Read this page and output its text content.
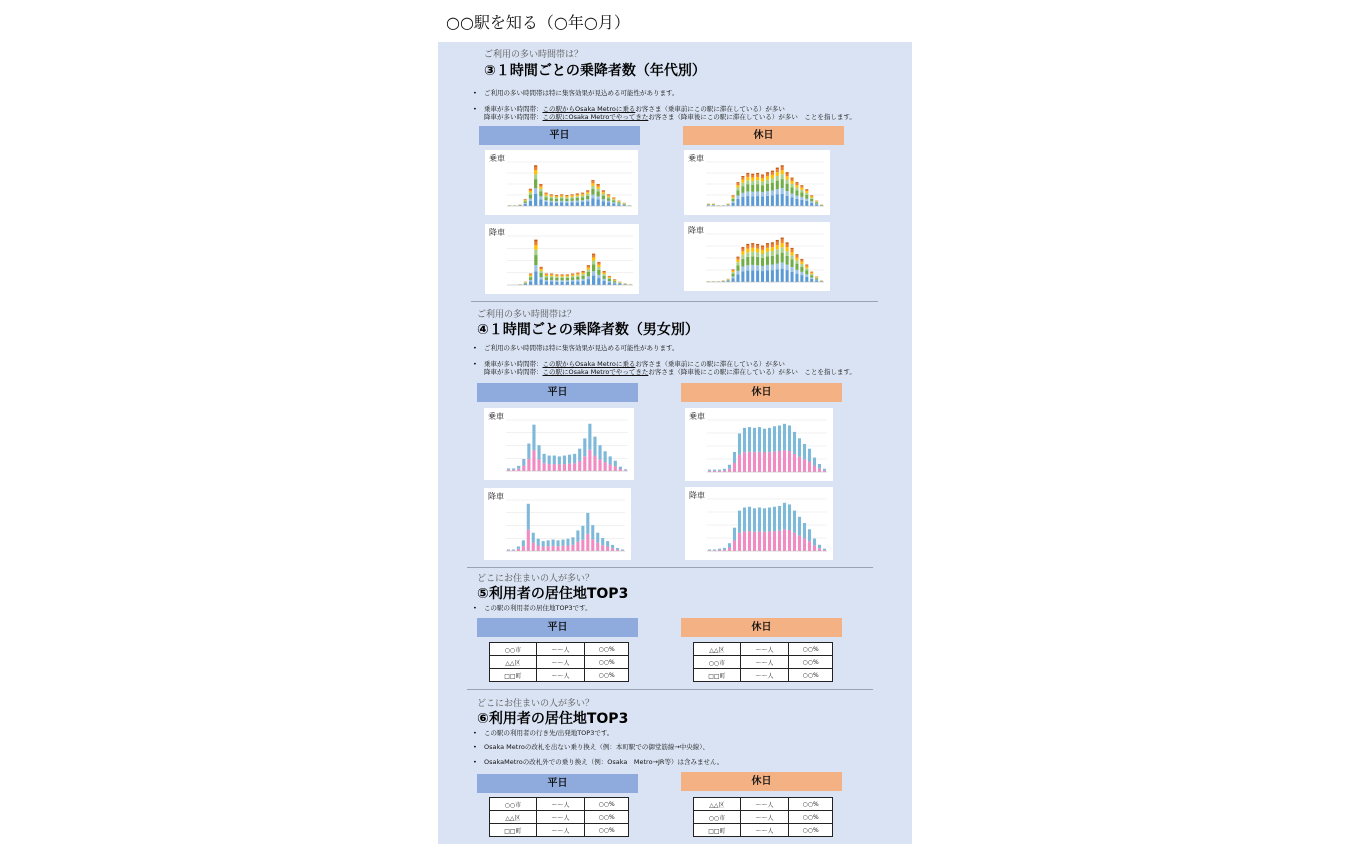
○○駅を知る（○年○月）
ご利用の多い時間帯は？
③１時間ごとの乗降者数（年代別）
• ご利用の多い時間帯は特に集客効果が見込める可能性があります。
• 乗車が多い時間帯：この駅からOsaka Metroに乗るお客さま（乗車前にこの駅に滞在している）が多い
降車が多い時間帯：この駅にOsaka Metroでやってきたお客さま（降車後にこの駅に滞在している）が多い　ことを指します。
平日	休日
乗車	乗車
降車	降車
ご利用の多い時間帯は？
④１時間ごとの乗降者数（男女別）
• ご利用の多い時間帯は特に集客効果が見込める可能性があります。
• 乗車が多い時間帯：この駅からOsaka Metroに乗るお客さま（乗車前にこの駅に滞在している）が多い
降車が多い時間帯：この駅にOsaka Metroでやってきたお客さま（降車後にこの駅に滞在している）が多い　ことを指します。
平日	休日
乗車	乗車
降車	降車
どこにお住まいの人が多い？
⑤利用者の居住地TOP3
• この駅の利用者の居住地TOP3です。
平日	休日
○○市	〜〜人	○○%
△△区	〜〜人	○○%
□□町	〜〜人	○○%
△△区	〜〜人	○○%
○○市	〜〜人	○○%
□□町	〜〜人	○○%
どこにお住まいの人が多い？
⑥利用者の居住地TOP3
• この駅の利用者の行き先/出発地TOP3です。
• Osaka Metroの改札を出ない乗り換え（例：本町駅での御堂筋線→中央線）、
• OsakaMetroの改札外での乗り換え（例：Osaka　Metro→JR等）は含みません。
平日	休日
○○市	〜〜人	○○%
△△区	〜〜人	○○%
□□町	〜〜人	○○%
△△区	〜〜人	○○%
○○市	〜〜人	○○%
□□町	〜〜人	○○%
